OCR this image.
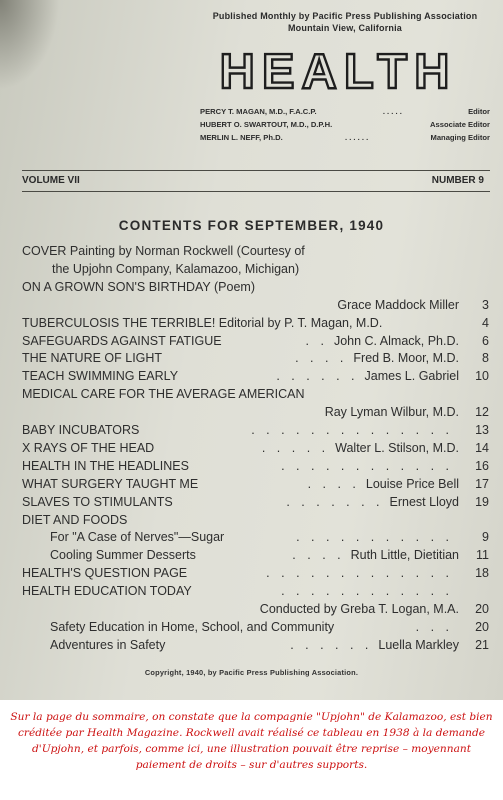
Published Monthly by Pacific Press Publishing Association
Mountain View, California
HEALTH
PERCY T. MAGAN, M.D., F.A.C.P.	. . . . .	Editor
HUBERT O. SWARTOUT, M.D., D.P.H.	Associate Editor
MERLIN L. NEFF, Ph.D.	. . . . . .	Managing Editor
VOLUME VII	NUMBER 9
CONTENTS FOR SEPTEMBER, 1940
COVER Painting by Norman Rockwell (Courtesy of
the Upjohn Company, Kalamazoo, Michigan)
ON A GROWN SON'S BIRTHDAY (Poem)
Grace Maddock Miller	3
TUBERCULOSIS THE TERRIBLE! Editorial by P. T. Magan, M.D.	4
SAFEGUARDS AGAINST FATIGUE	. . John C. Almack, Ph.D.	6
THE NATURE OF LIGHT	. . . . Fred B. Moor, M.D.	8
TEACH SWIMMING EARLY	. . . . . . James L. Gabriel	10
MEDICAL CARE FOR THE AVERAGE AMERICAN
Ray Lyman Wilbur, M.D.	12
BABY INCUBATORS	. . . . . . . . . . . . . .	13
X RAYS OF THE HEAD	. . . . . Walter L. Stilson, M.D.	14
HEALTH IN THE HEADLINES	. . . . . . . . . . . .	16
WHAT SURGERY TAUGHT ME	. . . . Louise Price Bell	17
SLAVES TO STIMULANTS	. . . . . . . Ernest Lloyd	19
DIET AND FOODS
For "A Case of Nerves"—Sugar	. . . . . . . . . . .	9
Cooling Summer Desserts	. . . . Ruth Little, Dietitian	11
HEALTH'S QUESTION PAGE	. . . . . . . . . . . . .	18
HEALTH EDUCATION TODAY	. . . . . . . . . . . .
Conducted by Greba T. Logan, M.A.	20
Safety Education in Home, School, and Community	. . .	20
Adventures in Safety	. . . . . . Luella Markley	21
Copyright, 1940, by Pacific Press Publishing Association.
Sur la page du sommaire, on constate que la compagnie "Upjohn" de Kalamazoo, est bien créditée par Health Magazine. Rockwell avait réalisé ce tableau en 1938 à la demande d'Upjohn, et parfois, comme ici, une illustration pouvait être reprise – moyennant paiement de droits – sur d'autres supports.
